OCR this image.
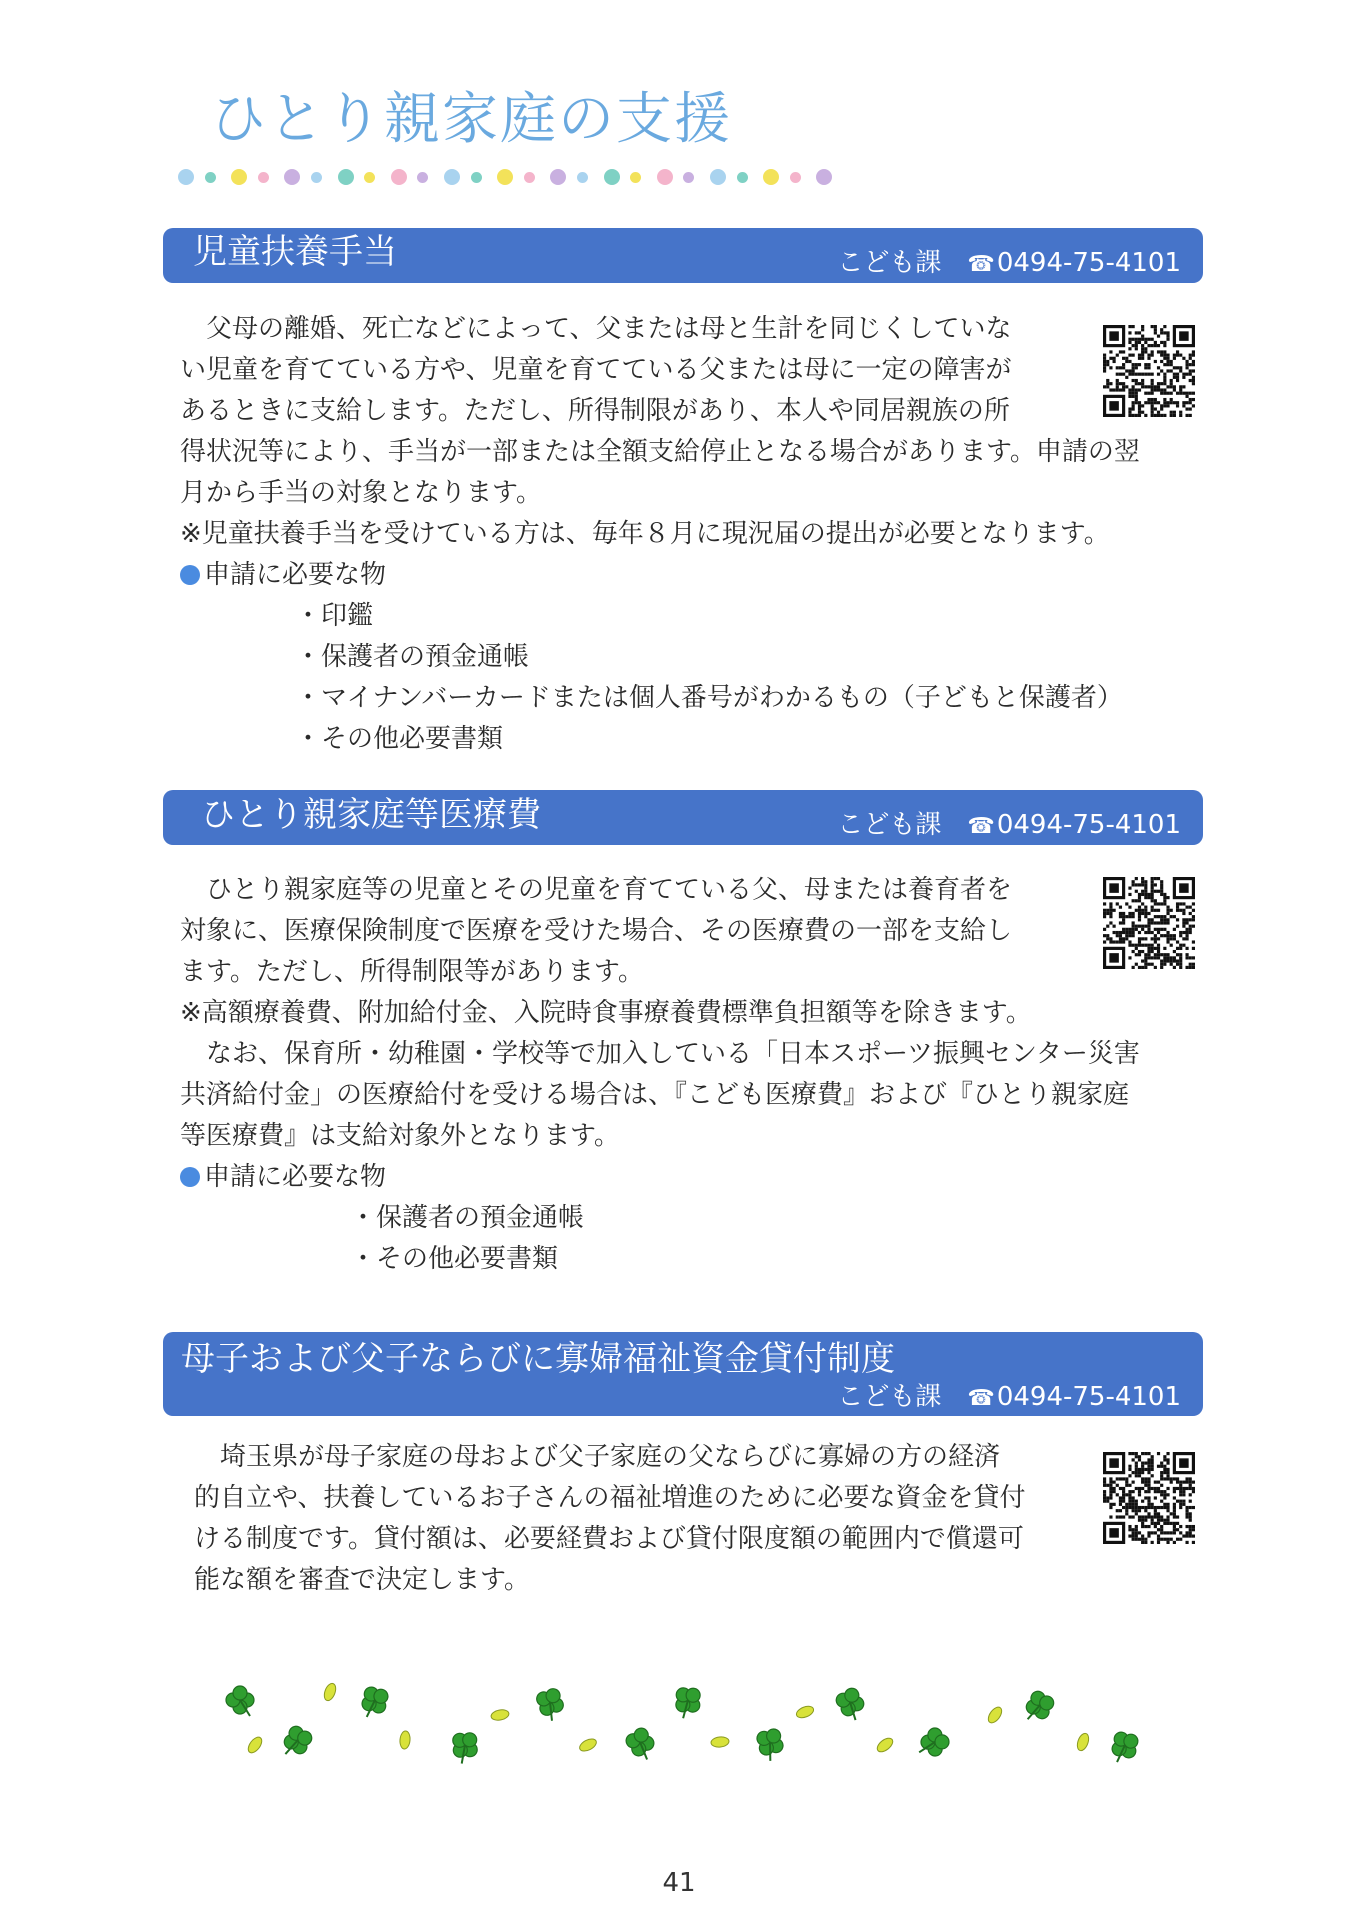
ひとり親家庭の支援
児童扶養手当	こども課 ☎0494-75-4101

　父母の離婚、死亡などによって、父または母と生計を同じくしていな

い児童を育てている方や、児童を育てている父または母に一定の障害が

あるときに支給します。ただし、所得制限があり、本人や同居親族の所

得状況等により、手当が一部または全額支給停止となる場合があります。申請の翌

月から手当の対象となります。

※児童扶養手当を受けている方は、毎年８月に現況届の提出が必要となります。

申請に必要な物
・ 印鑑
・ 保護者の預金通帳
・ マイナンバーカードまたは個人番号がわかるもの（子どもと保護者）
・ その他必要書類
ひとり親家庭等医療費	こども課 ☎0494-75-4101

　ひとり親家庭等の児童とその児童を育てている父、母または養育者を

対象に、医療保険制度で医療を受けた場合、その医療費の一部を支給し

ます。ただし、所得制限等があります。

※高額療養費、附加給付金、入院時食事療養費標準負担額等を除きます。

　なお、保育所・幼稚園・学校等で加入している「日本スポーツ振興センター災害

共済給付金」の医療給付を受ける場合は、『こども医療費』および『ひとり親家庭

等医療費』は支給対象外となります。

申請に必要な物
・ 保護者の預金通帳
・ その他必要書類
母子および父子ならびに寡婦福祉資金貸付制度
こども課 ☎0494-75-4101

　埼玉県が母子家庭の母および父子家庭の父ならびに寡婦の方の経済

的自立や、扶養しているお子さんの福祉増進のために必要な資金を貸付

ける制度です。貸付額は、必要経費および貸付限度額の範囲内で償還可

能な額を審査で決定します。

41
